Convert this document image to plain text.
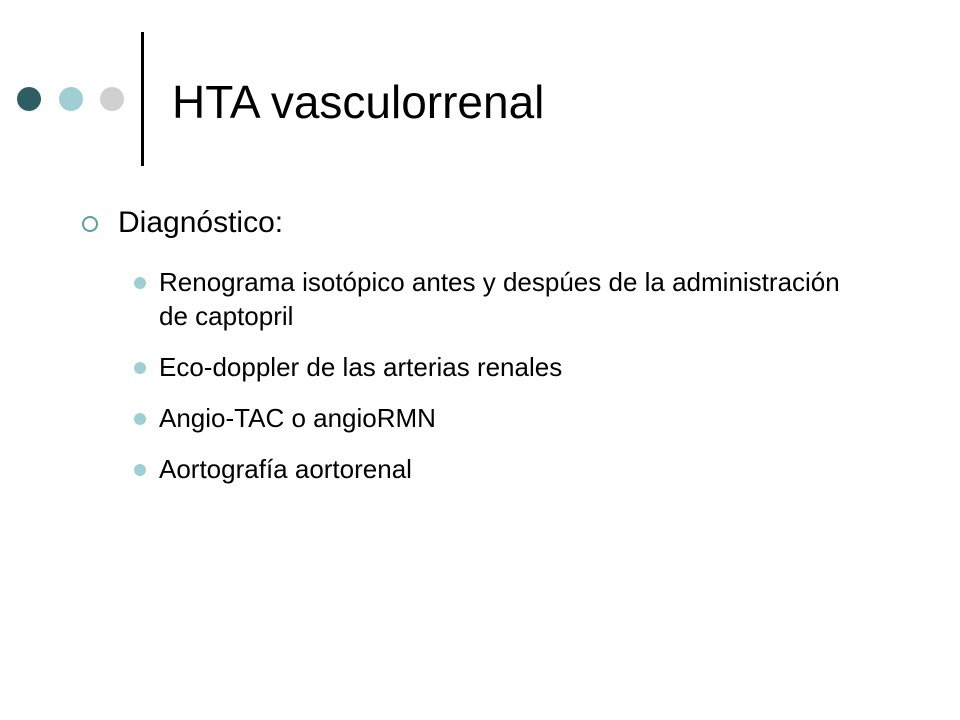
HTA vasculorrenal
Diagnóstico:
Renograma isotópico antes y despúes de la administración de captopril
Eco-doppler de las arterias renales
Angio-TAC o angioRMN
Aortografía aortorenal
